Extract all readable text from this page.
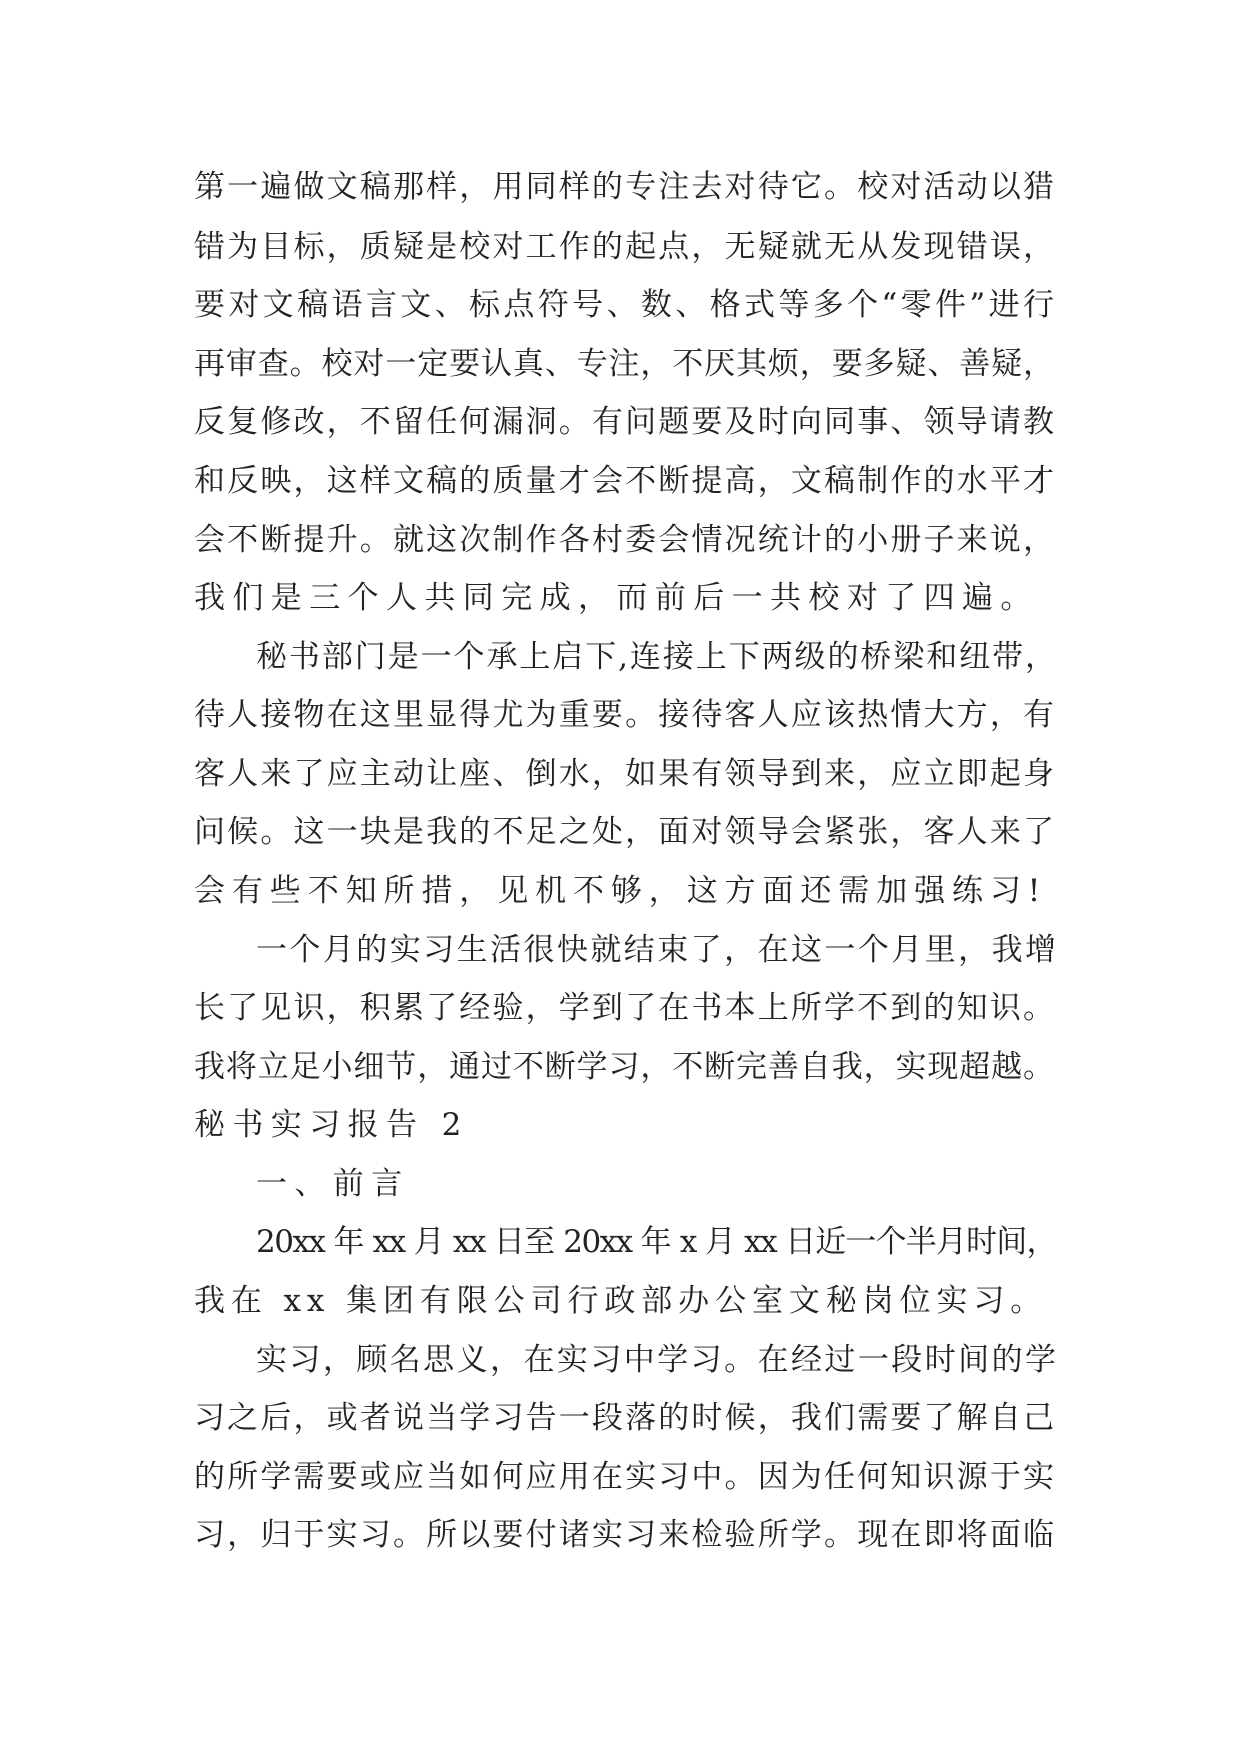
第一遍做文稿那样，用同样的专注去对待它。校对活动以猎
错为目标，质疑是校对工作的起点，无疑就无从发现错误，
要对文稿语言文、标点符号、数、格式等多个“零件”进行
再审查。校对一定要认真、专注，不厌其烦，要多疑、善疑，
反复修改，不留任何漏洞。有问题要及时向同事、领导请教
和反映，这样文稿的质量才会不断提高，文稿制作的水平才
会不断提升。就这次制作各村委会情况统计的小册子来说，
我们是三个人共同完成，而前后一共校对了四遍。
秘书部门是一个承上启下,连接上下两级的桥梁和纽带，
待人接物在这里显得尤为重要。接待客人应该热情大方，有
客人来了应主动让座、倒水，如果有领导到来，应立即起身
问候。这一块是我的不足之处，面对领导会紧张，客人来了
会有些不知所措，见机不够，这方面还需加强练习!
一个月的实习生活很快就结束了，在这一个月里，我增
长了见识，积累了经验，学到了在书本上所学不到的知识。
我将立足小细节，通过不断学习，不断完善自我，实现超越。
秘书实习报告 2
一、前言
20xx 年 xx 月 xx 日至 20xx 年 x 月 xx 日近一个半月时间，
我在 xx 集团有限公司行政部办公室文秘岗位实习。
实习，顾名思义，在实习中学习。在经过一段时间的学
习之后，或者说当学习告一段落的时候，我们需要了解自己
的所学需要或应当如何应用在实习中。因为任何知识源于实
习，归于实习。所以要付诸实习来检验所学。现在即将面临
